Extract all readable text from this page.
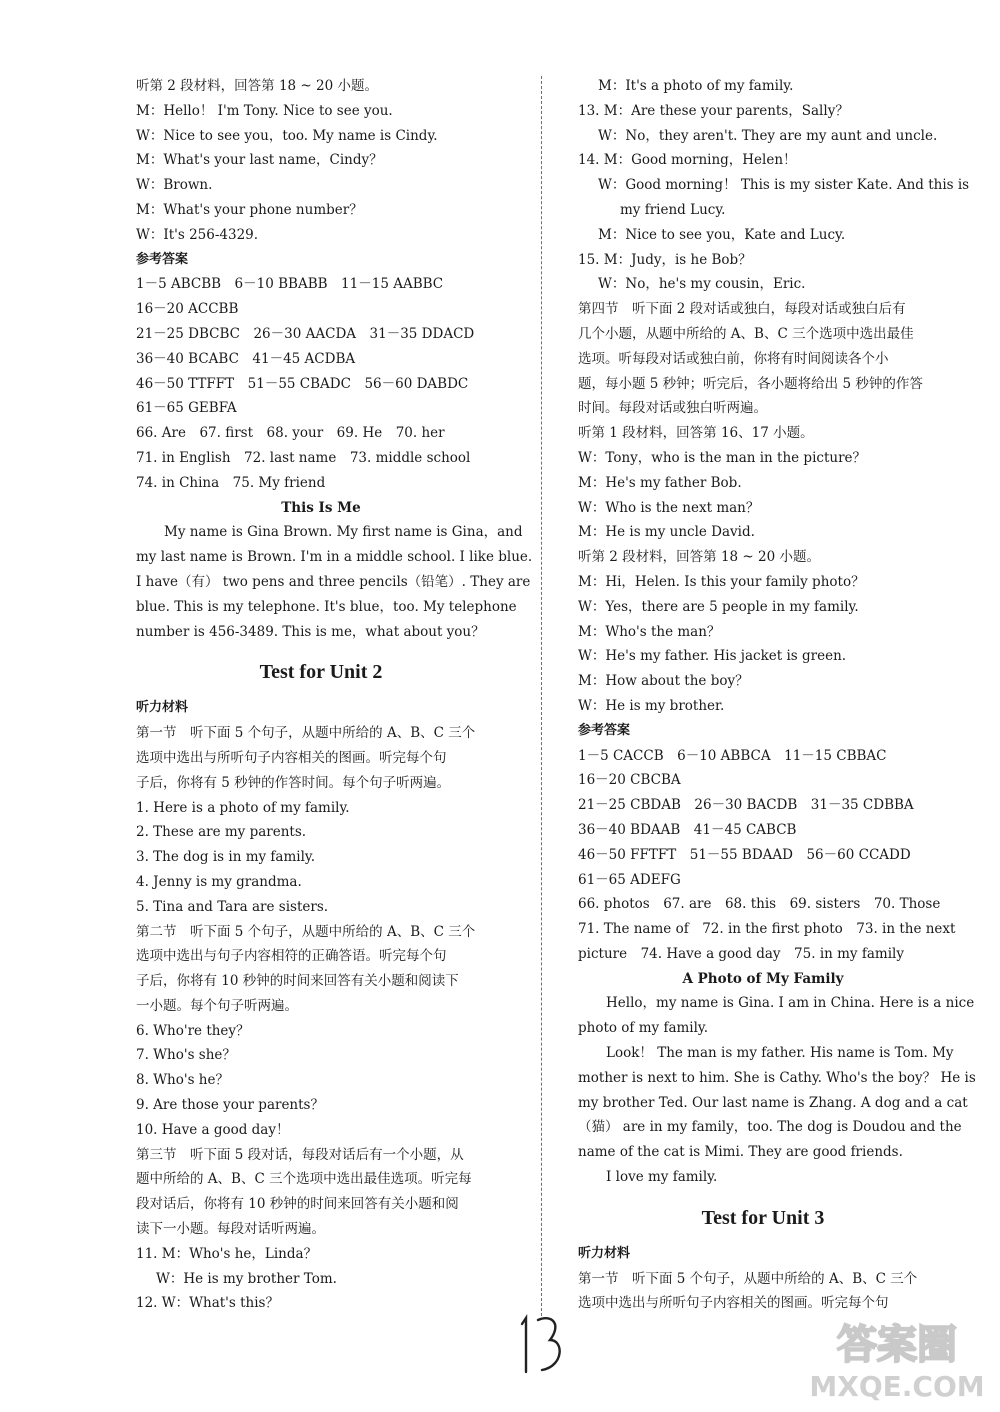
听第 2 段材料，回答第 18 ~ 20 小题。
M：Hello！ I'm Tony. Nice to see you.
W：Nice to see you，too. My name is Cindy.
M：What's your last name，Cindy？
W：Brown.
M：What's your phone number？
W：It's 256-4329.
参考答案
1－5 ABCBB　6－10 BBABB　11－15 AABBC
16－20 ACCBB
21－25 DBCBC　26－30 AACDA　31－35 DDACD
36－40 BCABC　41－45 ACDBA
46－50 TTFFT　51－55 CBADC　56－60 DABDC
61－65 GEBFA
66. Are　67. first　68. your　69. He　70. her
71. in English　72. last name　73. middle school
74. in China　75. My friend
This Is Me
My name is Gina Brown. My first name is Gina，and
my last name is Brown. I'm in a middle school. I like blue.
I have（有） two pens and three pencils（铅笔）. They are
blue. This is my telephone. It's blue，too. My telephone
number is 456-3489. This is me，what about you？
Test for Unit 2
听力材料
第一节　听下面 5 个句子，从题中所给的 A、B、C 三个
选项中选出与所听句子内容相关的图画。听完每个句
子后，你将有 5 秒钟的作答时间。每个句子听两遍。
1. Here is a photo of my family.
2. These are my parents.
3. The dog is in my family.
4. Jenny is my grandma.
5. Tina and Tara are sisters.
第二节　听下面 5 个句子，从题中所给的 A、B、C 三个
选项中选出与句子内容相符的正确答语。听完每个句
子后，你将有 10 秒钟的时间来回答有关小题和阅读下
一小题。每个句子听两遍。
6. Who're they？
7. Who's she？
8. Who's he？
9. Are those your parents？
10. Have a good day！
第三节　听下面 5 段对话，每段对话后有一个小题，从
题中所给的 A、B、C 三个选项中选出最佳选项。听完每
段对话后，你将有 10 秒钟的时间来回答有关小题和阅
读下一小题。每段对话听两遍。
11. M：Who's he，Linda？
W：He is my brother Tom.
12. W：What's this？
M：It's a photo of my family.
13. M：Are these your parents，Sally？
W：No，they aren't. They are my aunt and uncle.
14. M：Good morning，Helen！
W：Good morning！ This is my sister Kate. And this is
my friend Lucy.
M：Nice to see you，Kate and Lucy.
15. M：Judy，is he Bob？
W：No，he's my cousin，Eric.
第四节　听下面 2 段对话或独白，每段对话或独白后有
几个小题，从题中所给的 A、B、C 三个选项中选出最佳
选项。听每段对话或独白前，你将有时间阅读各个小
题，每小题 5 秒钟；听完后，各小题将给出 5 秒钟的作答
时间。每段对话或独白听两遍。
听第 1 段材料，回答第 16、17 小题。
W：Tony，who is the man in the picture？
M：He's my father Bob.
W：Who is the next man？
M：He is my uncle David.
听第 2 段材料，回答第 18 ~ 20 小题。
M：Hi，Helen. Is this your family photo？
W：Yes，there are 5 people in my family.
M：Who's the man？
W：He's my father. His jacket is green.
M：How about the boy？
W：He is my brother.
参考答案
1－5 CACCB　6－10 ABBCA　11－15 CBBAC
16－20 CBCBA
21－25 CBDAB　26－30 BACDB　31－35 CDBBA
36－40 BDAAB　41－45 CABCB
46－50 FFTFT　51－55 BDAAD　56－60 CCADD
61－65 ADEFG
66. photos　67. are　68. this　69. sisters　70. Those
71. The name of　72. in the first photo　73. in the next
picture　74. Have a good day　75. in my family
A Photo of My Family
Hello，my name is Gina. I am in China. Here is a nice
photo of my family.
Look！ The man is my father. His name is Tom. My
mother is next to him. She is Cathy. Who's the boy？ He is
my brother Ted. Our last name is Zhang. A dog and a cat
（猫） are in my family，too. The dog is Doudou and the
name of the cat is Mimi. They are good friends.
I love my family.
Test for Unit 3
听力材料
第一节　听下面 5 个句子，从题中所给的 A、B、C 三个
选项中选出与所听句子内容相关的图画。听完每个句
答案圈
MXQE.COM
